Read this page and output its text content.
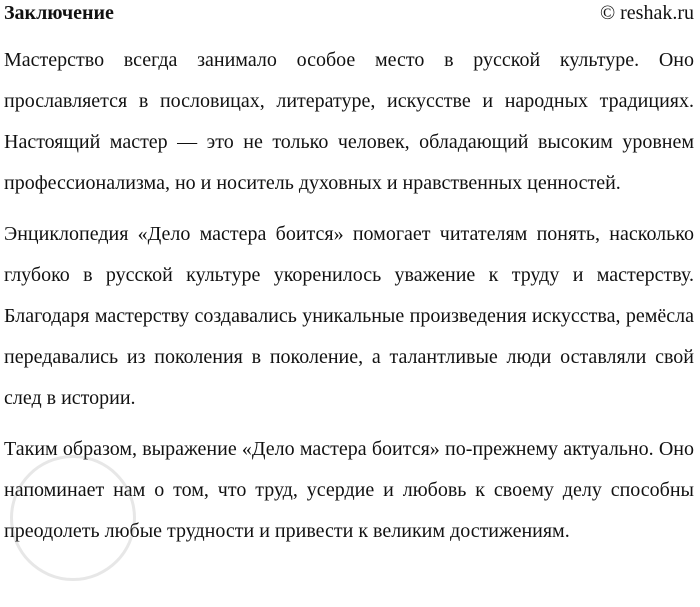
Заключение	© reshak.ru

Мастерство всегда занимало особое место в русской культуре. Оно прославляется в пословицах, литературе, искусстве и народных традициях. Настоящий мастер — это не только человек, обладающий высоким уровнем профессионализма, но и носитель духовных и нравственных ценностей.

Энциклопедия «Дело мастера боится» помогает читателям понять, насколько глубоко в русской культуре укоренилось уважение к труду и мастерству. Благодаря мастерству создавались уникальные произведения искусства, ремёсла передавались из поколения в поколение, а талантливые люди оставляли свой след в истории.

Таким образом, выражение «Дело мастера боится» по-прежнему актуально. Оно напоминает нам о том, что труд, усердие и любовь к своему делу способны преодолеть любые трудности и привести к великим достижениям.
